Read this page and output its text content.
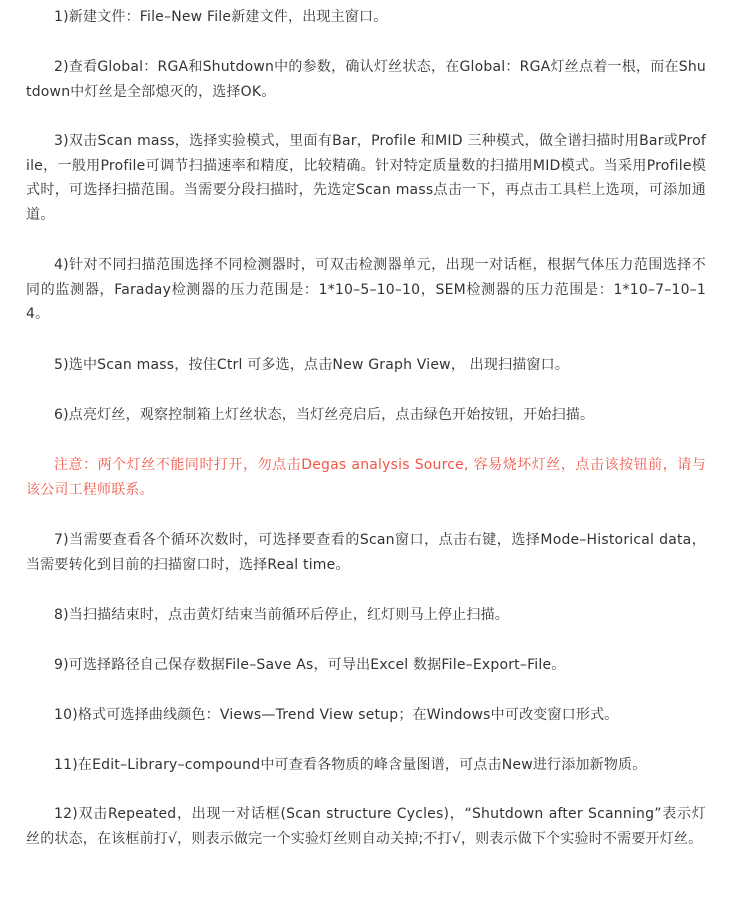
1)新建文件：File–New File新建文件，出现主窗口。

2)查看Global：RGA和Shutdown中的参数，确认灯丝状态，在Global：RGA灯丝点着一根，而在Shutdown中灯丝是全部熄灭的，选择OK。

3)双击Scan mass，选择实验模式，里面有Bar，Profile 和MID 三种模式，做全谱扫描时用Bar或Profile，一般用Profile可调节扫描速率和精度，比较精确。针对特定质量数的扫描用MID模式。当采用Profile模式时，可选择扫描范围。当需要分段扫描时，先选定Scan mass点击一下，再点击工具栏上选项，可添加通道。

4)针对不同扫描范围选择不同检测器时，可双击检测器单元，出现一对话框，根据气体压力范围选择不同的监测器，Faraday检测器的压力范围是：1*10–5–10–10，SEM检测器的压力范围是：1*10–7–10–14。

5)选中Scan mass，按住Ctrl 可多选，点击New Graph View， 出现扫描窗口。

6)点亮灯丝，观察控制箱上灯丝状态，当灯丝亮启后，点击绿色开始按钮，开始扫描。

注意：两个灯丝不能同时打开，勿点击Degas analysis Source, 容易烧坏灯丝，点击该按钮前，请与该公司工程师联系。

7)当需要查看各个循环次数时，可选择要查看的Scan窗口，点击右键，选择Mode–Historical data，当需要转化到目前的扫描窗口时，选择Real time。

8)当扫描结束时，点击黄灯结束当前循环后停止，红灯则马上停止扫描。

9)可选择路径自己保存数据File–Save As，可导出Excel 数据File–Export–File。

10)格式可选择曲线颜色：Views—Trend View setup；在Windows中可改变窗口形式。

11)在Edit–Library–compound中可查看各物质的峰含量图谱，可点击New进行添加新物质。

12)双击Repeated，出现一对话框(Scan structure Cycles)，“Shutdown after Scanning”表示灯丝的状态，在该框前打√，则表示做完一个实验灯丝则自动关掉;不打√，则表示做下个实验时不需要开灯丝。
